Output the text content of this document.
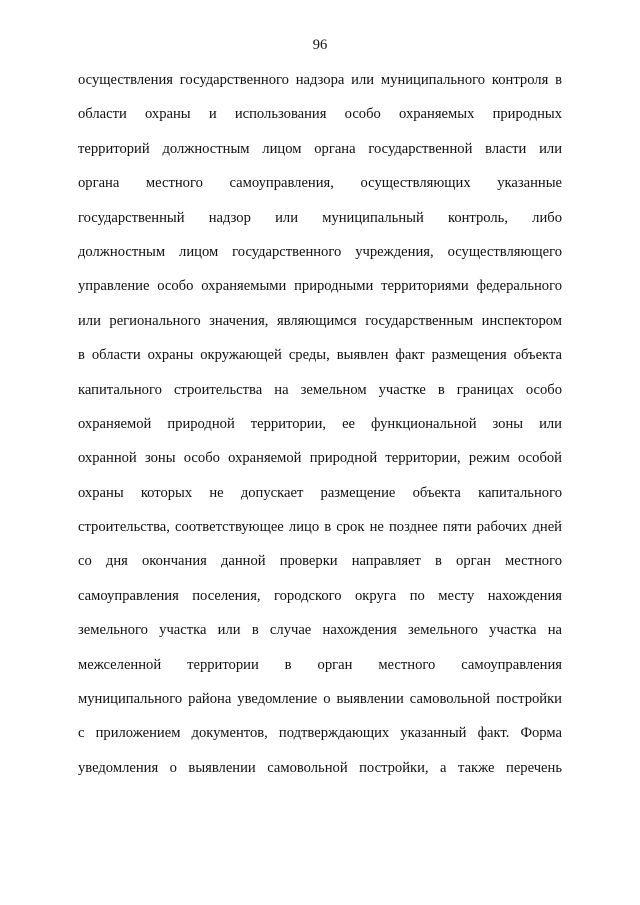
96
осуществления государственного надзора или муниципального контроля в
области охраны и использования особо охраняемых природных
территорий должностным лицом органа государственной власти или
органа местного самоуправления, осуществляющих указанные
государственный надзор или муниципальный контроль, либо
должностным лицом государственного учреждения, осуществляющего
управление особо охраняемыми природными территориями федерального
или регионального значения, являющимся государственным инспектором
в области охраны окружающей среды, выявлен факт размещения объекта
капитального строительства на земельном участке в границах особо
охраняемой природной территории, ее функциональной зоны или
охранной зоны особо охраняемой природной территории, режим особой
охраны которых не допускает размещение объекта капитального
строительства, соответствующее лицо в срок не позднее пяти рабочих дней
со дня окончания данной проверки направляет в орган местного
самоуправления поселения, городского округа по месту нахождения
земельного участка или в случае нахождения земельного участка на
межселенной территории в орган местного самоуправления
муниципального района уведомление о выявлении самовольной постройки
с приложением документов, подтверждающих указанный факт. Форма
уведомления о выявлении самовольной постройки, а также перечень
